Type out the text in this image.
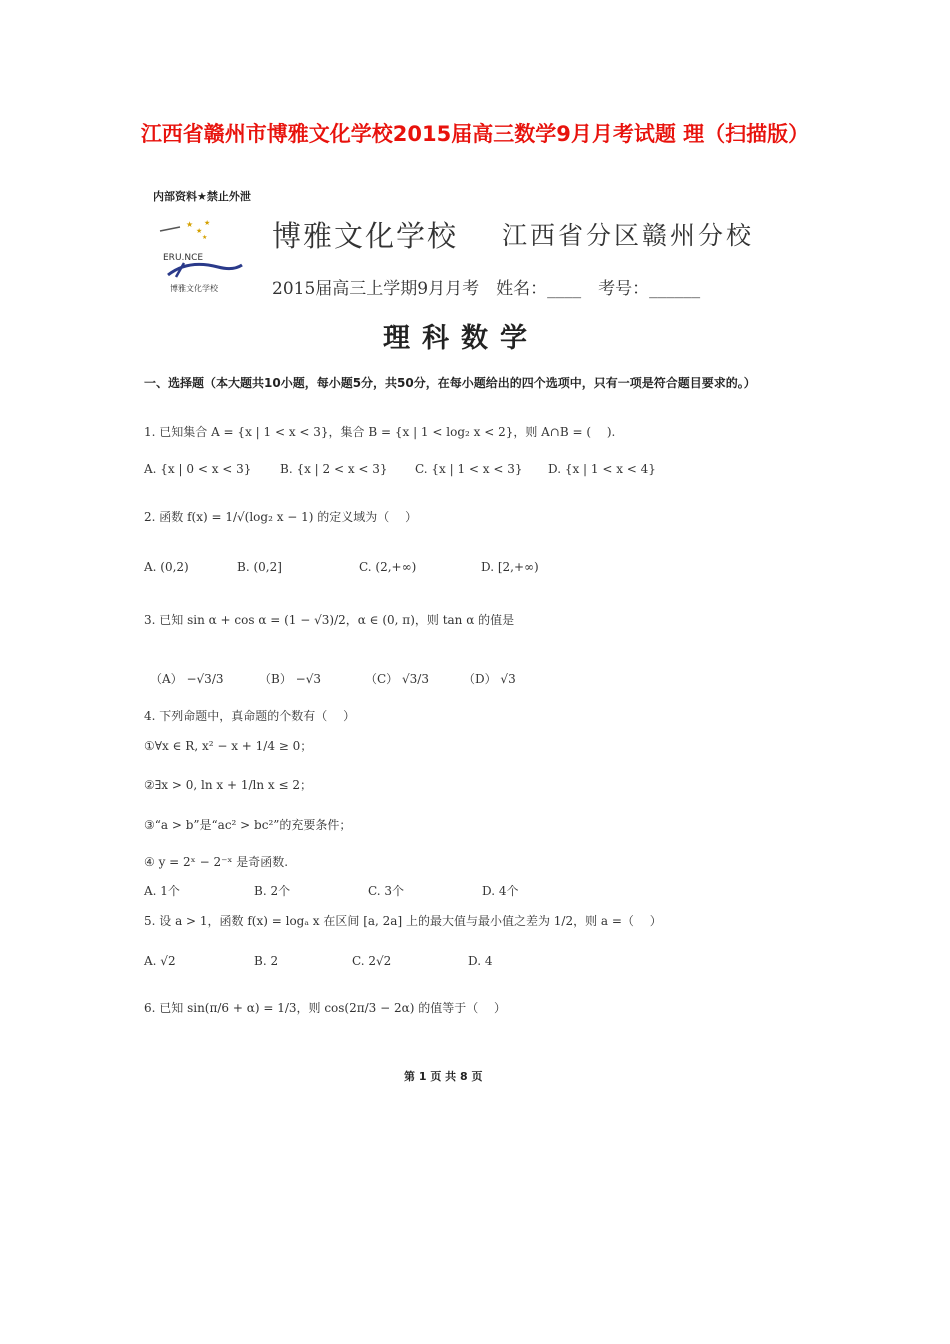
江西省赣州市博雅文化学校2015届高三数学9月月考试题 理（扫描版）
内部资料★禁止外泄
★
★
★
★
ERU.NCE
博雅文化学校
博雅文化学校 江西省分区赣州分校
2015届高三上学期9月月考　姓名：____　考号：______
理科数学
一、选择题（本大题共10小题，每小题5分，共50分，在每小题给出的四个选项中，只有一项是符合题目要求的。）
1. 已知集合 A = {x | 1 < x < 3}，集合 B = {x | 1 < log₂ x < 2}，则 A∩B = (　 ).
A. {x | 0 < x < 3} B. {x | 2 < x < 3} C. {x | 1 < x < 3} D. {x | 1 < x < 4}
2. 函数 f(x) = 1/√(log₂ x − 1) 的定义域为（　 ）
A. (0,2)	B. (0,2]	C. (2,+∞)	D. [2,+∞)
3. 已知 sin α + cos α = (1 − √3)/2，α ∈ (0, π)，则 tan α 的值是
（A） −√3/3	（B） −√3	（C） √3/3	（D） √3
4. 下列命题中，真命题的个数有（　 ）
①∀x ∈ R, x² − x + 1/4 ≥ 0；
②∃x > 0, ln x + 1/ln x ≤ 2；
③“a > b”是“ac² > bc²”的充要条件；
④ y = 2ˣ − 2⁻ˣ 是奇函数.
A. 1个	B. 2个	C. 3个	D. 4个
5. 设 a > 1，函数 f(x) = logₐ x 在区间 [a, 2a] 上的最大值与最小值之差为 1/2，则 a =（　 ）
A. √2	B. 2	C. 2√2	D. 4
6. 已知 sin(π/6 + α) = 1/3，则 cos(2π/3 − 2α) 的值等于（　 ）
第 1 页 共 8 页
